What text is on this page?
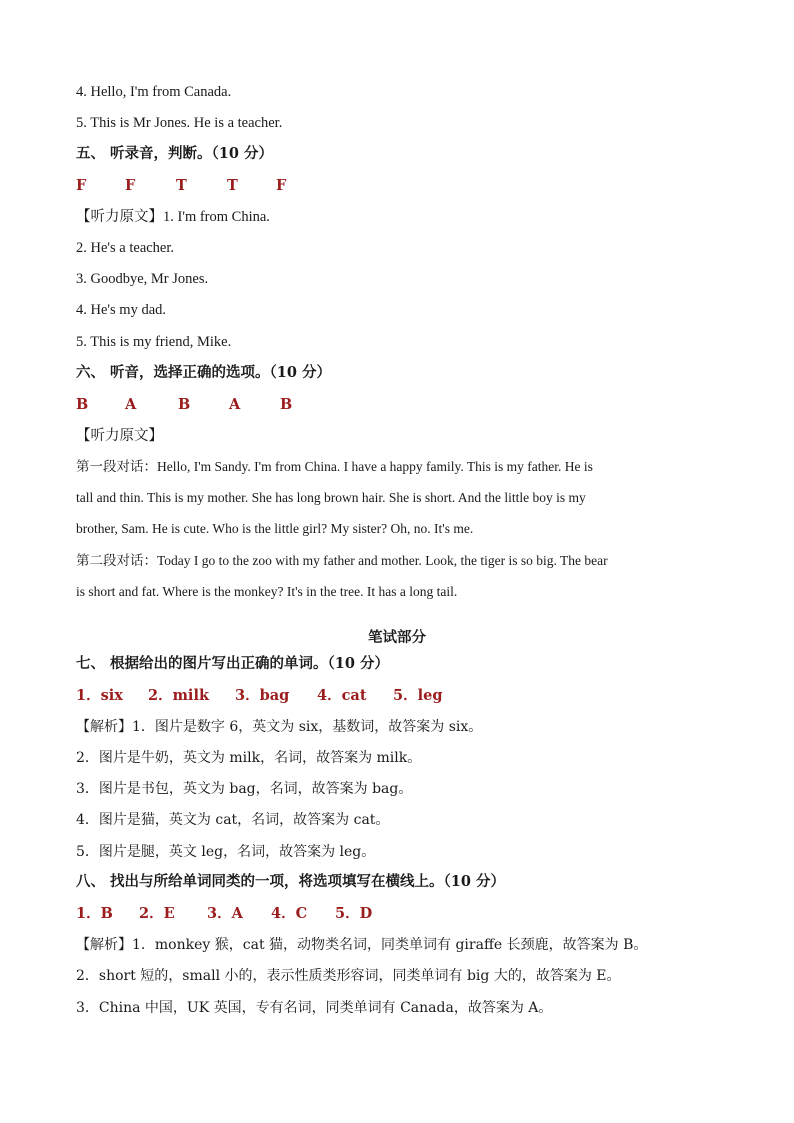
4. Hello, I'm from Canada.
5. This is Mr Jones. He is a teacher.
五、 听录音，判断。（10 分）
F	F	T	T	F
【听力原文】1. I'm from China.
2. He's a teacher.
3. Goodbye, Mr Jones.
4. He's my dad.
5. This is my friend, Mike.
六、 听音，选择正确的选项。（10 分）
B	A	B	A	B
【听力原文】
第一段对话：Hello, I'm Sandy. I'm from China. I have a happy family. This is my father. He is
tall and thin. This is my mother. She has long brown hair. She is short. And the little boy is my
brother, Sam. He is cute. Who is the little girl? My sister? Oh, no. It's me.
第二段对话：Today I go to the zoo with my father and mother. Look, the tiger is so big. The bear
is short and fat. Where is the monkey? It's in the tree. It has a long tail.
笔试部分
七、 根据给出的图片写出正确的单词。（10 分）
1．six 2．milk 3．bag 4．cat 5．leg
【解析】1．图片是数字 6，英文为 six，基数词，故答案为 six。
2．图片是牛奶，英文为 milk，名词，故答案为 milk。
3．图片是书包，英文为 bag，名词，故答案为 bag。
4．图片是猫，英文为 cat，名词，故答案为 cat。
5．图片是腿，英文 leg，名词，故答案为 leg。
八、 找出与所给单词同类的一项，将选项填写在横线上。（10 分）
1．B 2．E 3．A 4．C 5．D
【解析】1．monkey 猴，cat 猫，动物类名词，同类单词有 giraffe 长颈鹿，故答案为 B。
2．short 短的，small 小的，表示性质类形容词，同类单词有 big 大的，故答案为 E。
3．China 中国，UK 英国，专有名词，同类单词有 Canada，故答案为 A。
